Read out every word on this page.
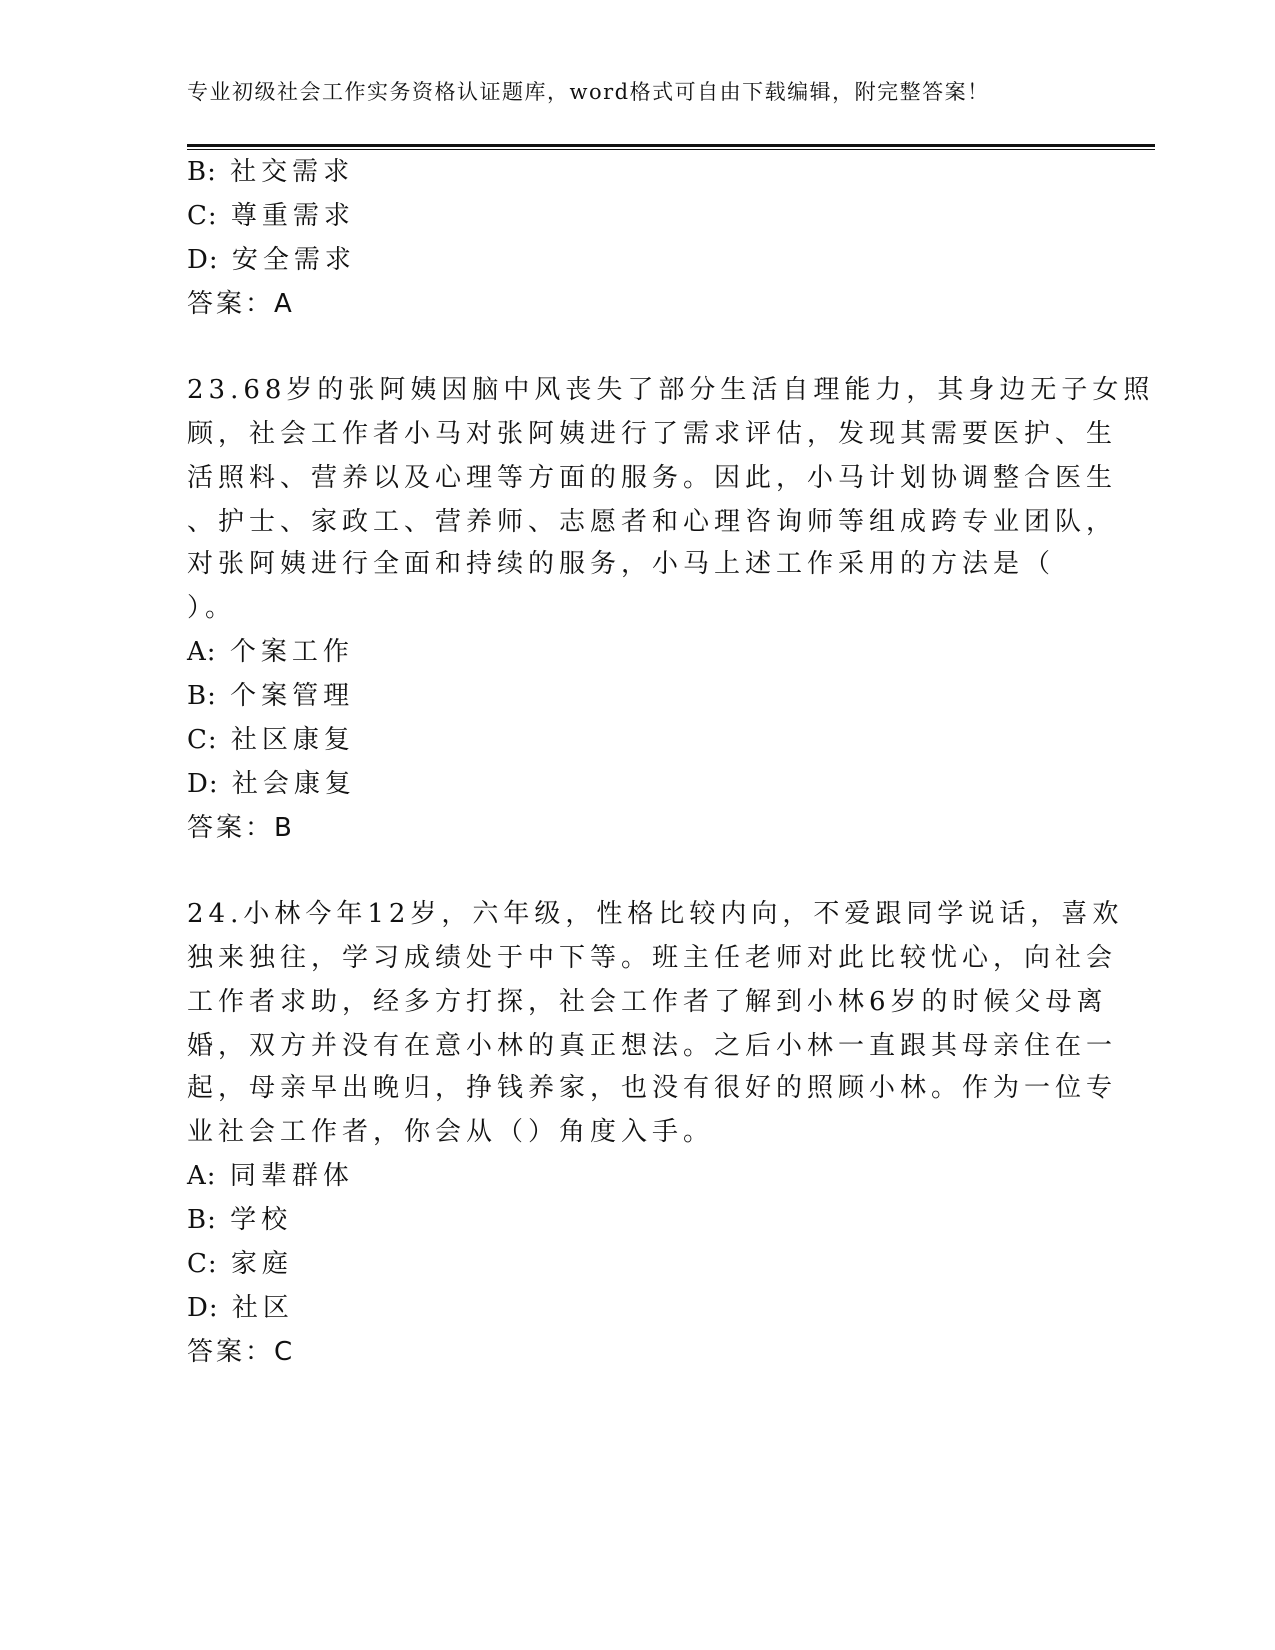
专业初级社会工作实务资格认证题库，word格式可自由下载编辑，附完整答案！
B: 社交需求
C: 尊重需求
D: 安全需求
答案：A
23.68岁的张阿姨因脑中风丧失了部分生活自理能力，其身边无子女照
顾，社会工作者小马对张阿姨进行了需求评估，发现其需要医护、生
活照料、营养以及心理等方面的服务。因此，小马计划协调整合医生
、护士、家政工、营养师、志愿者和心理咨询师等组成跨专业团队，
对张阿姨进行全面和持续的服务，小马上述工作采用的方法是（
）。
A: 个案工作
B: 个案管理
C: 社区康复
D: 社会康复
答案：B
24.小林今年12岁，六年级，性格比较内向，不爱跟同学说话，喜欢
独来独往，学习成绩处于中下等。班主任老师对此比较忧心，向社会
工作者求助，经多方打探，社会工作者了解到小林6岁的时候父母离
婚，双方并没有在意小林的真正想法。之后小林一直跟其母亲住在一
起，母亲早出晚归，挣钱养家，也没有很好的照顾小林。作为一位专
业社会工作者，你会从（）角度入手。
A: 同辈群体
B: 学校
C: 家庭
D: 社区
答案：C
